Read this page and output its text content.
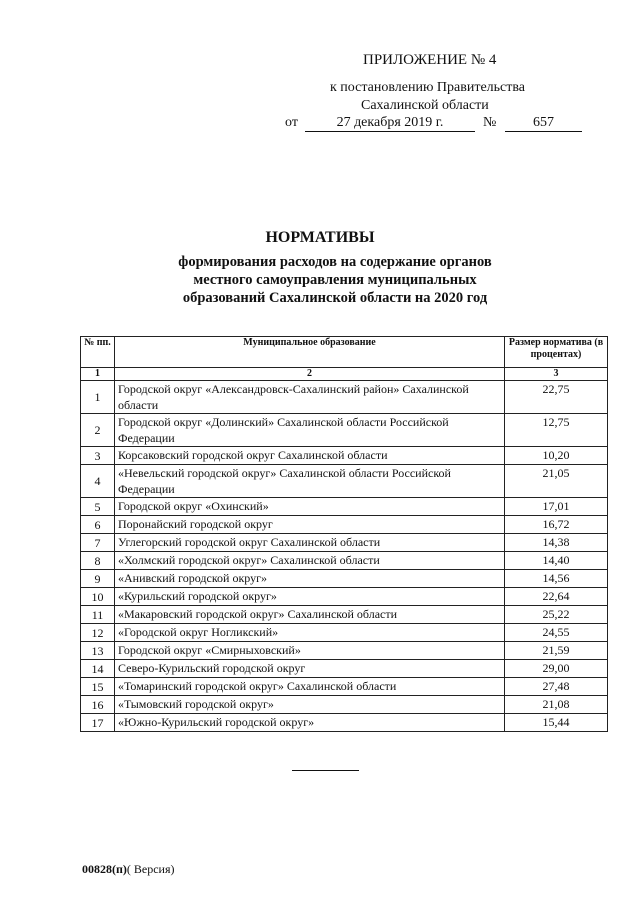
ПРИЛОЖЕНИЕ № 4
к постановлению Правительства
Сахалинской области
от	27 декабря 2019 г.	№	657
НОРМАТИВЫ
формирования расходов на содержание органов
местного самоуправления муниципальных
образований Сахалинской области на 2020 год
№ пп.	Муниципальное образование	Размер норматива (в процентах)
1	2	3
1	Городской округ «Александровск-Сахалинский район» Сахалинской области	22,75
2	Городской округ «Долинский» Сахалинской области Российской Федерации	12,75
3	Корсаковский городской округ Сахалинской области	10,20
4	«Невельский городской округ» Сахалинской области Российской Федерации	21,05
5	Городской округ «Охинский»	17,01
6	Поронайский городской округ	16,72
7	Углегорский городской округ Сахалинской области	14,38
8	«Холмский городской округ» Сахалинской области	14,40
9	«Анивский городской округ»	14,56
10	«Курильский городской округ»	22,64
11	«Макаровский городской округ» Сахалинской области	25,22
12	«Городской округ Ногликский»	24,55
13	Городской округ «Смирныховский»	21,59
14	Северо-Курильский городской округ	29,00
15	«Томаринский городской округ» Сахалинской области	27,48
16	«Тымовский городской округ»	21,08
17	«Южно-Курильский городской округ»	15,44
00828(п)( Версия)
